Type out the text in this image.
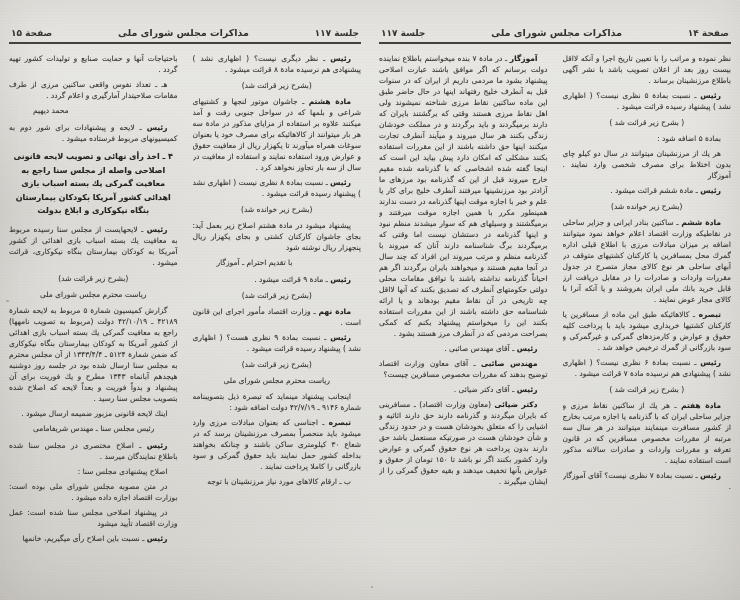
جلسة ۱۱۷
مذاکرات مجلس شورای ملی
صفحة ۱۵

باحتیاجات آنها و حمایت صنایع و تولیدات کشور تهیه گردد .

هـ ـ تعداد نفوس واقعی ساکنین مرزی از طرف مقامات صلاحیتدار آمارگیری و اعلام گردد .

محمد دیهیم

رئیس ـ لایحه و پیشنهادات برای شور دوم به کمیسیونهای مربوط فرستاده میشود .

۴ ـ اخذ رأی نهائی و تصویب لایحه قانونی اصلاحی واصله از مجلس سنا راجع به معافیت گمرکی یك بسته اسباب بازی اهدائی کشور آمریکا بکودکان بیمارستان بنگاه نیکوکاری و ابلاغ بدولت

رئیس ـ لایحهایست از مجلس سنا رسیده مربوط به معافیت یك بسته اسباب بازی اهدائی از کشور آمریکا به کودکان بیمارستان بنگاه نیکوکاری، قرائت میشود .

(بشرح زیر قرائت شد)

ریاست محترم مجلس شورای ملی

گزارش کمیسیون شمارة ۵ مربوط به لایحه شمارة ۴۲۱۸۹ ـ ۴۲/۱۰/۱۹ دولت (مربوط به تصویب نامهها) راجع به معافیت گمرکی یك بسته اسباب بازی اهدائی از کشور آمریکا به کودکان بیمارستان بنگاه نیکوکاری که ضمن شمارة ۵۱۲۴ ـ ۱۳۴۳/۴/۴ از آن مجلس محترم به مجلس سنا ارسال شده بود در جلسه روز دوشنبه هیجدهم آبانماه ۱۳۴۳ مطرح و یك فوریت برای آن پیشنهاد و بدواً فوریت و بعداً لایحه که اصلاح شده بتصویب مجلس سنا رسید .

اینك لایحه قانونی مزبور ضمیمه ارسال میشود .

رئیس مجلس سنا ـ مهندس شریفامامی

رئیس ـ اصلاح مختصری در مجلس سنا شده باطلاع نمایندگان میرسد .

اصلاح پیشنهادی مجلس سنا :

در متن مصوبه مجلس شورای ملی بوده است: بوزارت اقتصاد اجازه داده میشود .

در پیشنهاد اصلاحی مجلس سنا شده است: عمل وزارت اقتصاد تأیید میشود

رئیس ـ نسبت باین اصلاح رأی میگیریم، خانمها

رئیس ـ نظر دیگری نیست؟ ( اظهاری نشد ) پیشنهادی هم نرسیده مادة ۸ قرائت میشود .

(بشرح زیر قرائت شد)

مادة هشتم ـ جاشوان موتور لنجها و کشتیهای شراعی و بلمها که در سواحل جنوبی رفت و آمد میکنند علاوه بر استفاده از مزایای مذکور در مادة سه هر بار میتوانند از کالاهائیکه برای مصرف خود یا بعنوان سوغات همراه میآورند تا یکهزار ریال از معافیت حقوق و عوارض ورود استفاده نمایند و استفاده از معافیت در سال از سه بار تجاوز نخواهد کرد .

رئیس ـ نسبت بمادة ۸ نظری نیست ( اظهاری نشد ) پیشنهاد رسیده قرائت میشود .

(بشرح زیر خوانده شد)

پیشنهاد میشود در مادة هشتم اصلاح زیر بعمل آید: بجای جاشوان کارکنان کشتی و بجای یکهزار ریال پنجهزار ریال نوشته شود

با تقدیم احترام ـ آموزگار

رئیس ـ مادة ۹ قرائت میشود .

(بشرح زیر قرائت شد)

مادة نهم ـ وزارت اقتصاد مأمور اجرای این قانون است .

رئیس ـ نسبت بمادة ۹ نظری هست؟ ( اظهاری نشد ) پیشنهاد رسیده قرائت میشود .

(بشرح زیر قرائت شد)

ریاست محترم مجلس شورای ملی

اینجانب پیشنهاد مینماید که تبصرة ذیل بتصویبنامه شمارة ۹۱۴۶ ـ ۴۲/۷/۱۹ دولت اضافه شود :

تبصره ـ اجناسی که بعنوان مبادلات مرزی وارد میشود باید منحصراً بمصرف مرزنشینان برسد که در شعاع ۳۰ کیلومتری ساکن باشند و چنانکه بخواهند بداخله کشور حمل نمایند باید حقوق گمرکی و سود بازرگانی را کاملا پرداخت نمایند .

ب ـ ارقام کالاهای مورد نیاز مرزنشینان با توجه

صفحة ۱۴
مذاکرات مجلس شورای ملی
جلسة ۱۱۷

آموزگار ـ در مادة ۷ بنده میخواستم باطلاع نماینده دولت برسانم که اگر موافق باشند عبارت اصلاحی پیشنهاد بشود ما مردمی داریم از ایران که در سنوات قبل به آنطرف خلیج رفتهاند اینها در حال حاضر طبق این ماده ساکنین نقاط مرزی شناخته نمیشوند ولی اهل نقاط مرزی هستند وقتی که برگشتند بایران که دارند برمیگردند و باید برگردند و در مملکت خودشان زندگی بکنند هر سال میروند و میآیند آنطرف تجارت میکنند اینها حق داشته باشند از این مقررات استفاده بکنند مشکلی که امکان دارد پیش بیاید این است که اینجا گفته شده اشخاصی که با گذرنامه شده مقیم خارج میروند قبل از این که گذرنامه بود مرزهای ما آزادتر بود مرزنشینها میرفتند آنطرف خلیج برای کار یا علم و خبر با اجازه موقت اینها گذرنامه در دست ندارند همینطور مکرر با همین اجازه موقت میرفتند و برمیگشتند و وسیلهای هم که سوار میشدند منظم نبود و اینها گذرنامه در دستشان نیست اما وقتی که برمیگردند برگ شناسنامه دارند آنان که میروند با گذرنامه منظم و مرتب میروند این افراد که چند سال در آنجا مقیم هستند و میخواهند بایران برگردند اگر هم احیاناً گذرنامه نداشته باشند با توافق مقامات محلی دولتی حکومتهای آنطرف که تصدیق بکنند که آنها لااقل چه تاریخی در آن نقاط مقیم بودهاند و یا ارائه شناسنامه حق داشته باشند از این مقررات استفاده بکنند این را میخواستم پیشنهاد بکنم که کمکی بصراحت مردمی که در آنطرف مرز هستند بشود .

رئیس ـ آقای مهندس صائبی .

مهندس صائبی ـ آقای معاون وزارت اقتصاد توضیح بدهند که مقررات مخصوص مسافرین چیست؟

رئیس ـ آقای دکتر ضیائی .

دکتر ضیائی (معاون وزارت اقتصاد) ـ مسافرینی که بایران میگردند و گذرنامه دارند حق دارند اثاثیه و اشیایی را که متعلق بخودشان هست و در حدود زندگی و شأن خودشان هست در صورتیکه مستعمل باشد حق دارند بدون پرداخت هر نوع حقوق گمرکی و عوارض وارد کشور بکنند اگر نو باشد تا ۱۵۰ تومان از حقوق و عوارض بآنها تخفیف میدهند و بقیه حقوق گمرکی را از ایشان میگیرند .

نظر نموده و مراتب را با تعیین تاریخ اجرا و آنکه لااقل بیست روز بعد از اعلان تصویب باشد با نشر آگهی باطلاع مرزنشینان برساند .

رئیس ـ نسبت بمادة ۵ نظری نیست؟ ( اظهاری نشد ) پیشنهاد رسیده قرائت میشود .

( بشرح زیر قرائت شد )

بمادة ۵ اضافه شود :

هر یك از مرزنشینان میتوانند در سال دو کیلو چای بدون اختلاط برای مصرف شخصی وارد نمایند . آموزگار

رئیس ـ مادة ششم قرائت میشود .

(بشرح زیر خوانده شد)

مادة ششم ـ ساکنین بنادر ایرانی و جزایر ساحلی در نقاطیکه وزارت اقتصاد اعلام خواهد نمود میتوانند اضافه بر میزان مبادلات مرزی با اطلاع قبلی اداره گمرك محل بمسافرین یا کارکنان کشتیهای متوقف در آبهای ساحلی هر نوع کالای مجاز متصرح در جدول مقررات واردات و صادرات را در مقابل دریافت ارز قابل خرید بانك ملی ایران بفروشند و یا آنکه آنرا با کالای مجاز عوض نمایند .

تبصره ـ کالاهائیکه طبق این ماده از مسافرین یا کارکنان کشتیها خریداری میشود باید با پرداخت کلیه حقوق و عوارض و کارمزدهای گمرکی و غیرگمرکی و سود بازرگانی از گمرك ترخیص خواهد شد .

رئیس ـ نسبت بمادة ۶ نظری نیست؟ ( اظهاری نشد ) پیشنهادی هم نرسیده مادة ۷ قرائت میشود .

( بشرح زیر قرائت شد )

مادة هفتم ـ هر یك از ساکنین نقاط مرزی و جزایر ساحلی ایران که با گذرنامه یا اجازه مرتب بخارج از کشور مسافرت مینمایند میتوانند در هر سال سه مرتبه از مقررات مخصوص مسافرین که در قانون تعرفه و مقررات واردات و صادرات سالانه مذکور است استفاده نمایند .

رئیس ـ نسبت بمادة ۷ نظری نیست؟ آقای آموزگار .
